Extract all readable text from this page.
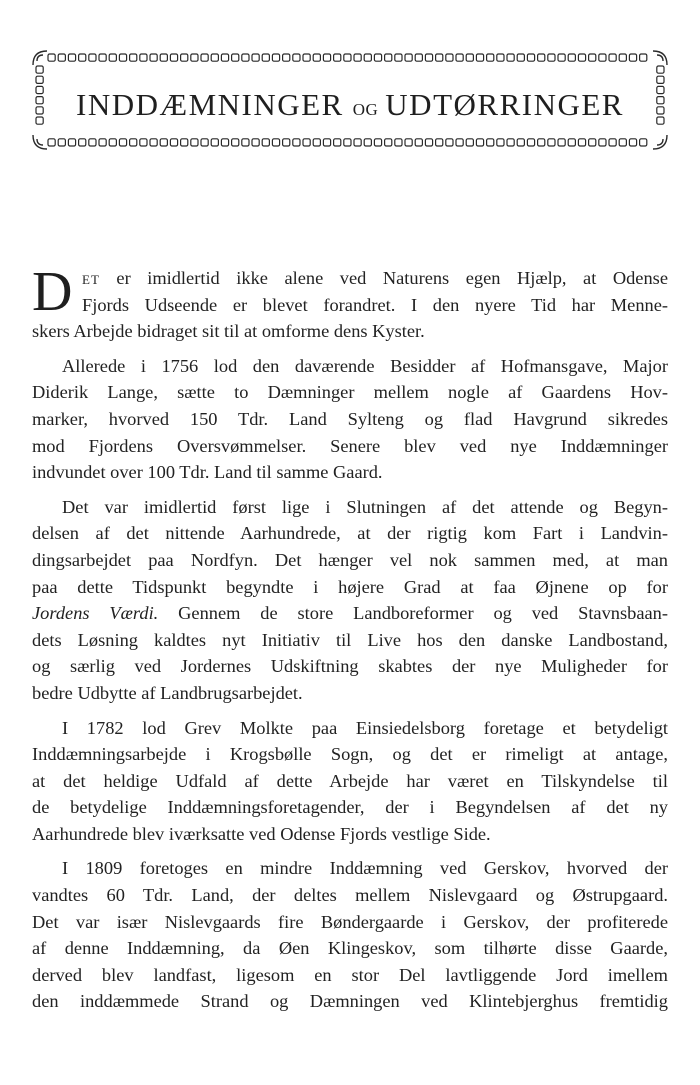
INDDÆMNINGER OG UDTØRRINGER
D ET er imidlertid ikke alene ved Naturens egen Hjælp, at Odense
Fjords Udseende er blevet forandret. I den nyere Tid har Menne-
skers Arbejde bidraget sit til at omforme dens Kyster.
Allerede i 1756 lod den daværende Besidder af Hofmansgave, Major
Diderik Lange, sætte to Dæmninger mellem nogle af Gaardens Hov-
marker, hvorved 150 Tdr. Land Sylteng og flad Havgrund sikredes
mod Fjordens Oversvømmelser. Senere blev ved nye Inddæmninger
indvundet over 100 Tdr. Land til samme Gaard.
Det var imidlertid først lige i Slutningen af det attende og Begyn-
delsen af det nittende Aarhundrede, at der rigtig kom Fart i Landvin-
dingsarbejdet paa Nordfyn. Det hænger vel nok sammen med, at man
paa dette Tidspunkt begyndte i højere Grad at faa Øjnene op for
Jordens Værdi. Gennem de store Landboreformer og ved Stavnsbaan-
dets Løsning kaldtes nyt Initiativ til Live hos den danske Landbostand,
og særlig ved Jordernes Udskiftning skabtes der nye Muligheder for
bedre Udbytte af Landbrugsarbejdet.
I 1782 lod Grev Molkte paa Einsiedelsborg foretage et betydeligt
Inddæmningsarbejde i Krogsbølle Sogn, og det er rimeligt at antage,
at det heldige Udfald af dette Arbejde har været en Tilskyndelse til
de betydelige Inddæmningsforetagender, der i Begyndelsen af det ny
Aarhundrede blev iværksatte ved Odense Fjords vestlige Side.
I 1809 foretoges en mindre Inddæmning ved Gerskov, hvorved der
vandtes 60 Tdr. Land, der deltes mellem Nislevgaard og Østrupgaard.
Det var især Nislevgaards fire Bøndergaarde i Gerskov, der profiterede
af denne Inddæmning, da Øen Klingeskov, som tilhørte disse Gaarde,
derved blev landfast, ligesom en stor Del lavtliggende Jord imellem
den inddæmmede Strand og Dæmningen ved Klintebjerghus fremtidig
